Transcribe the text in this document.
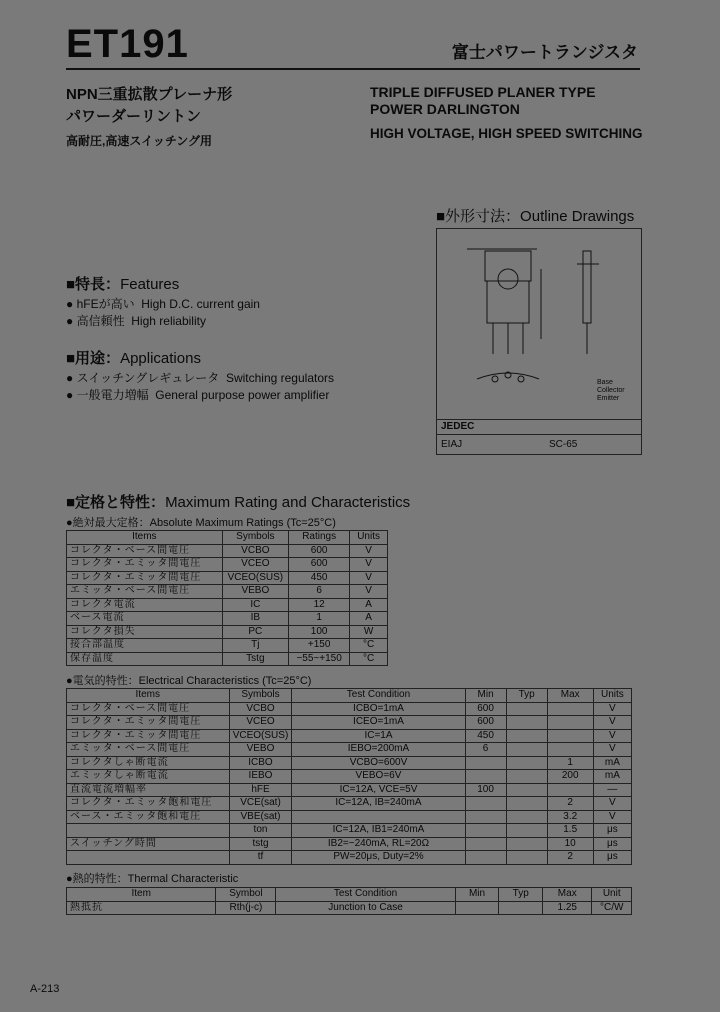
ET191	富士パワートランジスタ
NPN三重拡散プレーナ形
パワーダーリントン
高耐圧,高速スイッチング用
TRIPLE DIFFUSED PLANER TYPE
POWER DARLINGTON
HIGH VOLTAGE, HIGH SPEED SWITCHING
■外形寸法：Outline Drawings
Base
Collector
Emitter
JEDEC
EIAJ	SC-65
■特長：Features
● hFEが高い High D.C. current gain
● 高信頼性 High reliability
■用途：Applications
● スイッチングレギュレータ Switching regulators
● 一般電力増幅 General purpose power amplifier
■定格と特性：Maximum Rating and Characteristics
●絶対最大定格：Absolute Maximum Ratings (Tc=25°C)
Items	Symbols	Ratings	Units
コレクタ・ベース間電圧	VCBO	600	V
コレクタ・エミッタ間電圧	VCEO	600	V
コレクタ・エミッタ間電圧	VCEO(SUS)	450	V
エミッタ・ベース間電圧	VEBO	6	V
コレクタ電流	IC	12	A
ベース電流	IB	1	A
コレクタ損失	PC	100	W
接合部温度	Tj	+150	°C
保存温度	Tstg	−55~+150	°C
●電気的特性：Electrical Characteristics (Tc=25°C)
Items	Symbols	Test Condition	Min	Typ	Max	Units
コレクタ・ベース間電圧	VCBO	ICBO=1mA	600			V
コレクタ・エミッタ間電圧	VCEO	ICEO=1mA	600			V
コレクタ・エミッタ間電圧	VCEO(SUS)	IC=1A	450			V
エミッタ・ベース間電圧	VEBO	IEBO=200mA	6			V
コレクタしゃ断電流	ICBO	VCBO=600V			1	mA
エミッタしゃ断電流	IEBO	VEBO=6V			200	mA
直流電流増幅率	hFE	IC=12A, VCE=5V	100			—
コレクタ・エミッタ飽和電圧	VCE(sat)	IC=12A, IB=240mA			2	V
ベース・エミッタ飽和電圧	VBE(sat)				3.2	V
	ton	IC=12A, IB1=240mA			1.5	μs
スイッチング時間	tstg	IB2=−240mA, RL=20Ω			10	μs
	tf	PW=20μs, Duty=2%			2	μs
●熱的特性：Thermal Characteristic
Item	Symbol	Test Condition	Min	Typ	Max	Unit
熱抵抗	Rth(j-c)	Junction to Case			1.25	°C/W
A-213
